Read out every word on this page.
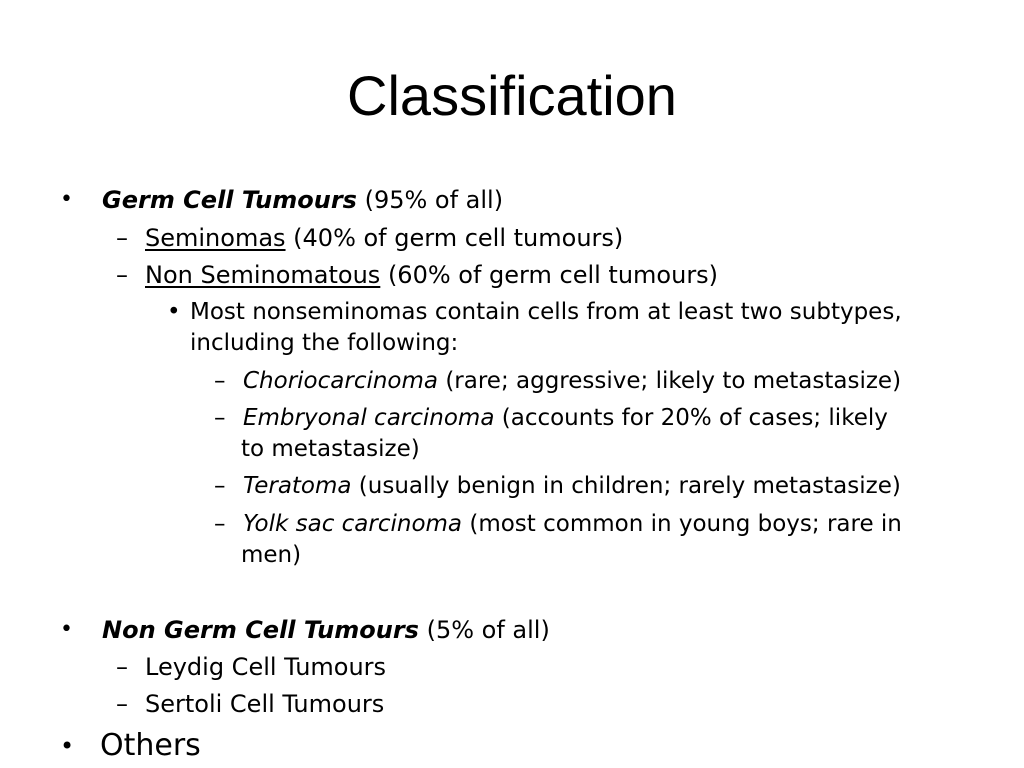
Classification
• Germ Cell Tumours (95% of all)
– Seminomas (40% of germ cell tumours)
– Non Seminomatous (60% of germ cell tumours)
• Most nonseminomas contain cells from at least two subtypes,
including the following:
– Choriocarcinoma (rare; aggressive; likely to metastasize)
– Embryonal carcinoma (accounts for 20% of cases; likely
to metastasize)
– Teratoma (usually benign in children; rarely metastasize)
– Yolk sac carcinoma (most common in young boys; rare in
men)
• Non Germ Cell Tumours (5% of all)
– Leydig Cell Tumours
– Sertoli Cell Tumours
• Others
